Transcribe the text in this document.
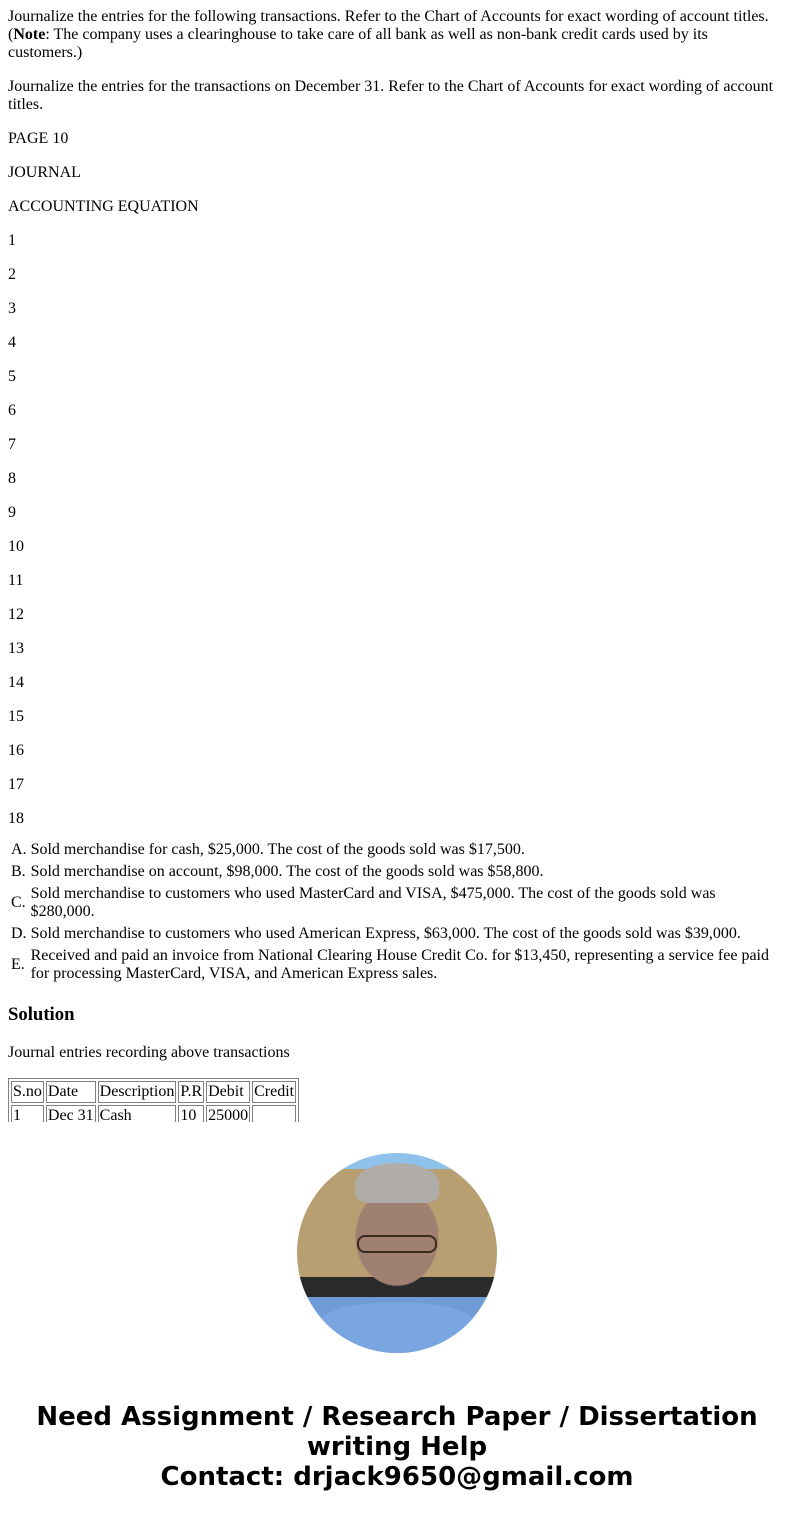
Journalize the entries for the following transactions. Refer to the Chart of Accounts for exact wording of account titles. (Note: The company uses a clearinghouse to take care of all bank as well as non-bank credit cards used by its customers.)

Journalize the entries for the transactions on December 31. Refer to the Chart of Accounts for exact wording of account titles.

PAGE 10

JOURNAL

ACCOUNTING EQUATION

1

2

3

4

5

6

7

8

9

10

11

12

13

14

15

16

17

18

A.	Sold merchandise for cash, $25,000. The cost of the goods sold was $17,500.
B.	Sold merchandise on account, $98,000. The cost of the goods sold was $58,800.
C.	Sold merchandise to customers who used MasterCard and VISA, $475,000. The cost of the goods sold was $280,000.
D.	Sold merchandise to customers who used American Express, $63,000. The cost of the goods sold was $39,000.
E.	Received and paid an invoice from National Clearing House Credit Co. for $13,450, representing a service fee paid for processing MasterCard, VISA, and American Express sales.
Solution

Journal entries recording above transactions

S.no	Date	Description	P.R	Debit	Credit
1	Dec 31	Cash	10	25000	
Need Assignment / Research Paper / Dissertation writing Help
Contact: drjack9650@gmail.com
